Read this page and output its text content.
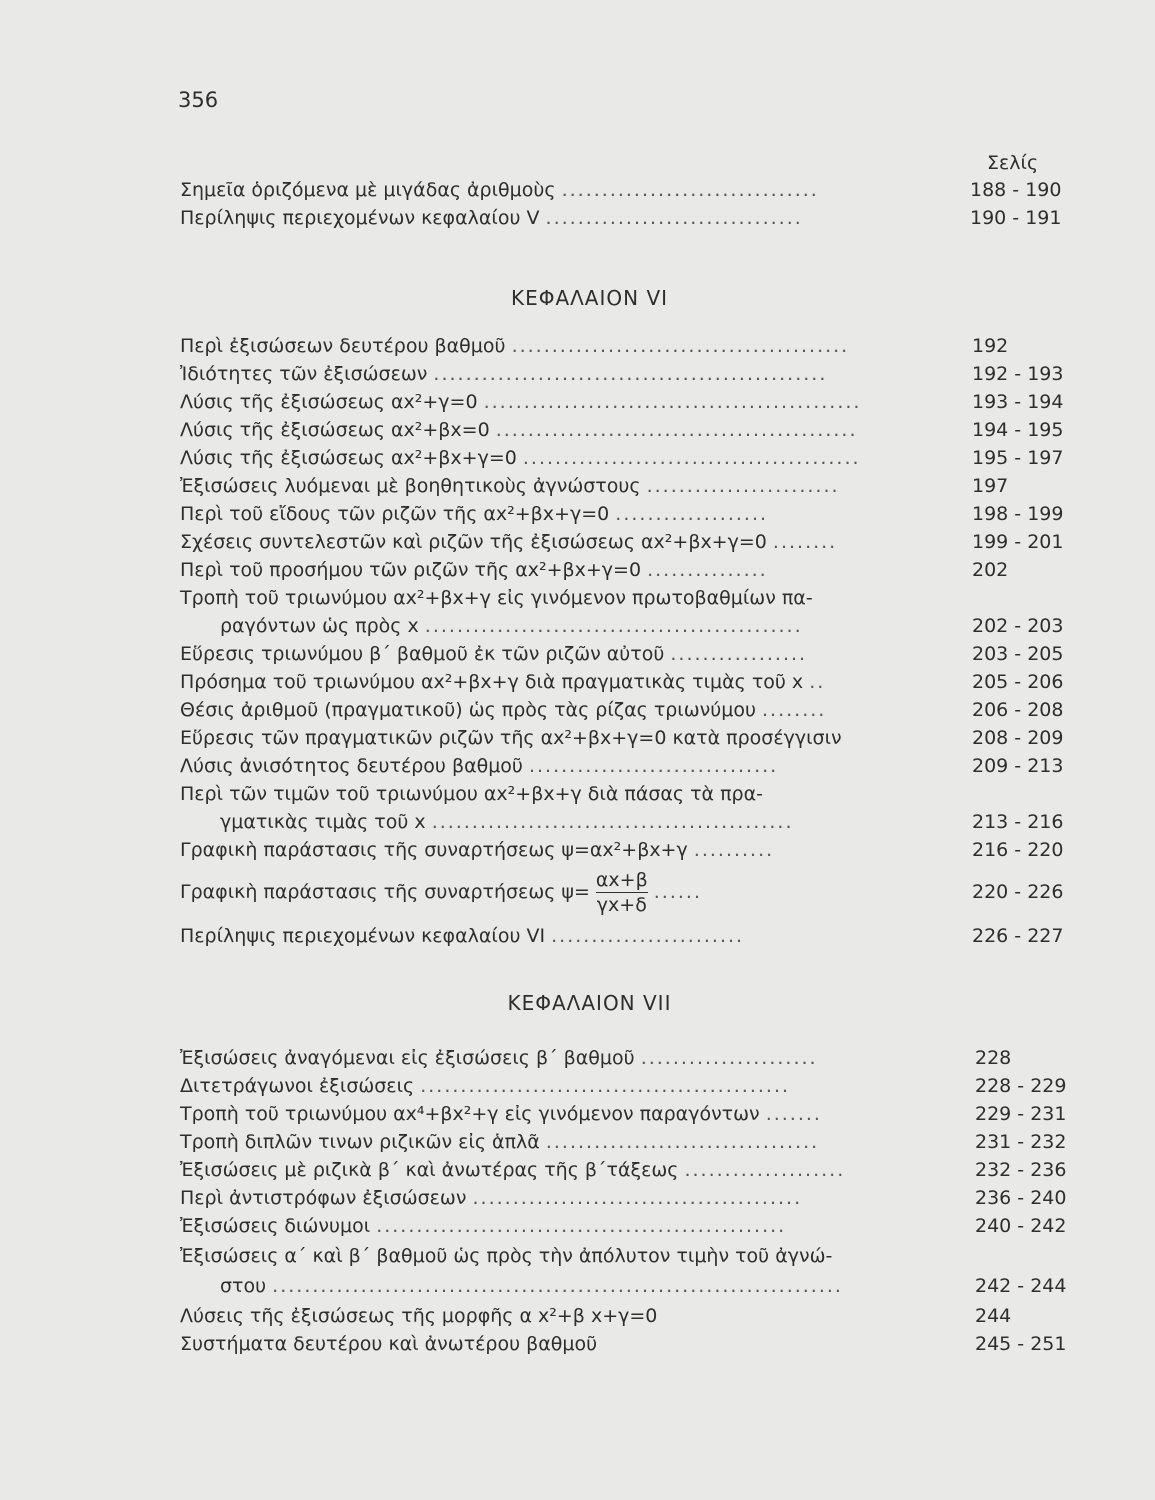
356
Σελίς
Σημεῖα ὁριζόμενα μὲ μιγάδας ἀριθμοὺς ................................	188 - 190
Περίληψις περιεχομένων κεφαλαίου V ................................	190 - 191
ΚΕΦΑΛΑΙΟΝ VI
Περὶ ἐξισώσεων δευτέρου βαθμοῦ ..........................................	192
Ἰδιότητες τῶν ἐξισώσεων .................................................	192 - 193
Λύσις τῆς ἐξισώσεως αx²+γ=0 ...............................................	193 - 194
Λύσις τῆς ἐξισώσεως αx²+βx=0 .............................................	194 - 195
Λύσις τῆς ἐξισώσεως αx²+βx+γ=0 ..........................................	195 - 197
Ἐξισώσεις λυόμεναι μὲ βοηθητικοὺς ἀγνώστους ........................	197
Περὶ τοῦ εἴδους τῶν ριζῶν τῆς αx²+βx+γ=0 ...................	198 - 199
Σχέσεις συντελεστῶν καὶ ριζῶν τῆς ἐξισώσεως αx²+βx+γ=0 ........	199 - 201
Περὶ τοῦ προσήμου τῶν ριζῶν τῆς αx²+βx+γ=0 ...............	202
Τροπὴ τοῦ τριωνύμου αx²+βx+γ εἰς γινόμενον πρωτοβαθμίων πα-
ραγόντων ὡς πρὸς x ...............................................	202 - 203
Εὕρεσις τριωνύμου β΄ βαθμοῦ ἐκ τῶν ριζῶν αὐτοῦ .................	203 - 205
Πρόσημα τοῦ τριωνύμου αx²+βx+γ διὰ πραγματικὰς τιμὰς τοῦ x ..	205 - 206
Θέσις ἀριθμοῦ (πραγματικοῦ) ὡς πρὸς τὰς ρίζας τριωνύμου ........	206 - 208
Εὕρεσις τῶν πραγματικῶν ριζῶν τῆς αx²+βx+γ=0 κατὰ προσέγγισιν	208 - 209
Λύσις ἀνισότητος δευτέρου βαθμοῦ ...............................	209 - 213
Περὶ τῶν τιμῶν τοῦ τριωνύμου αx²+βx+γ διὰ πάσας τὰ πρα-
γματικὰς τιμὰς τοῦ x .............................................	213 - 216
Γραφικὴ παράστασις τῆς συναρτήσεως ψ=αx²+βx+γ ..........	216 - 220
Γραφικὴ παράστασις τῆς συναρτήσεως $\psi= \frac{\alpha x+\beta}{\gamma x+\delta}$ ......	220 - 226
Περίληψις περιεχομένων κεφαλαίου VI ........................	226 - 227
ΚΕΦΑΛΑΙΟΝ VII
Ἐξισώσεις ἀναγόμεναι εἰς ἐξισώσεις β΄ βαθμοῦ ......................	228
Διτετράγωνοι ἐξισώσεις ..............................................	228 - 229
Τροπὴ τοῦ τριωνύμου αx⁴+βx²+γ εἰς γινόμενον παραγόντων .......	229 - 231
Τροπὴ διπλῶν τινων ριζικῶν εἰς ἁπλᾶ ..................................	231 - 232
Ἐξισώσεις μὲ ριζικὰ β΄ καὶ ἀνωτέρας τῆς β΄τάξεως ....................	232 - 236
Περὶ ἀντιστρόφων ἐξισώσεων .........................................	236 - 240
Ἐξισώσεις διώνυμοι ...................................................	240 - 242
Ἐξισώσεις α΄ καὶ β΄ βαθμοῦ ὡς πρὸς τὴν ἀπόλυτον τιμὴν τοῦ ἀγνώ-
στου .......................................................................	242 - 244
Λύσεις τῆς ἐξισώσεως τῆς μορφῆς α x²+β x+γ=0	244
Συστήματα δευτέρου καὶ ἀνωτέρου βαθμοῦ	245 - 251
